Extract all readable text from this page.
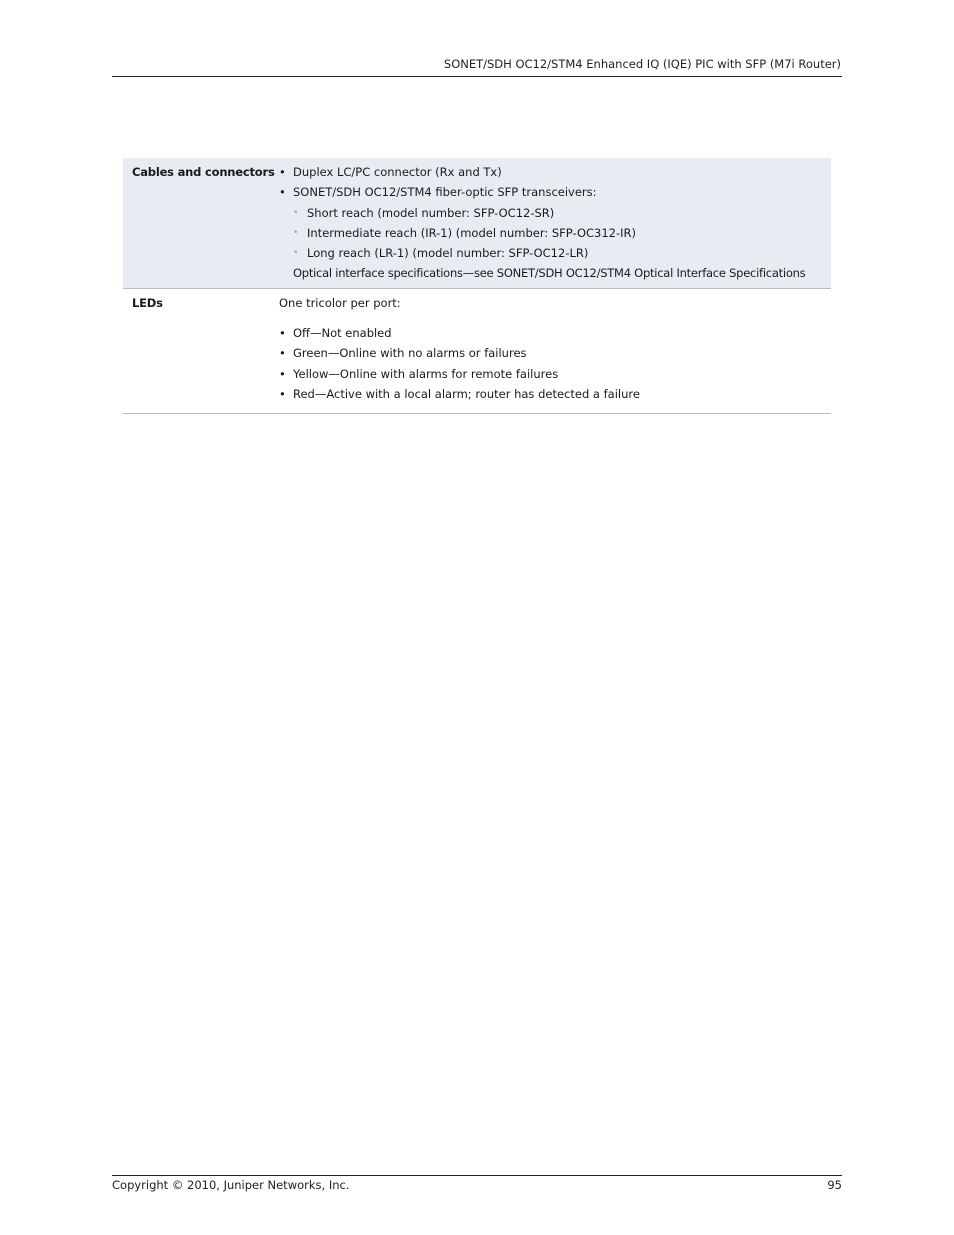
SONET/SDH OC12/STM4 Enhanced IQ (IQE) PIC with SFP (M7i Router)
Cables and connectors • Duplex LC/PC connector (Rx and Tx)
• SONET/SDH OC12/STM4 fiber-optic SFP transceivers:
• Short reach (model number: SFP-OC12-SR)
• Intermediate reach (IR-1) (model number: SFP-OC312-IR)
• Long reach (LR-1) (model number: SFP-OC12-LR)
Optical interface specifications—see SONET/SDH OC12/STM4 Optical Interface Specifications
LEDs	One tricolor per port:
• Off—Not enabled
• Green—Online with no alarms or failures
• Yellow—Online with alarms for remote failures
• Red—Active with a local alarm; router has detected a failure
Copyright © 2010, Juniper Networks, Inc.	95
